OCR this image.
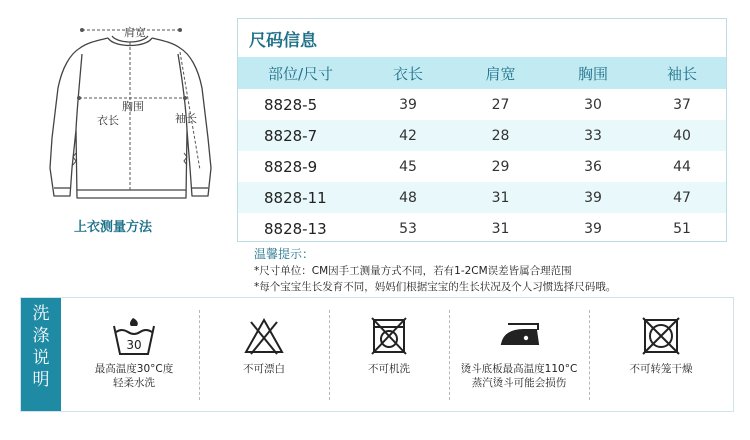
肩宽
胸围
衣长	袖长
上衣测量方法
尺码信息
部位/尺寸	衣长	肩宽	胸围	袖长
8828-5	39	27	30	37
8828-7	42	28	33	40
8828-9	45	29	36	44
8828-11	48	31	39	47
8828-13	53	31	39	51
温馨提示：
*尺寸单位：CM因手工测量方式不同，若有1-2CM误差皆属合理范围
*每个宝宝生长发育不同，妈妈们根据宝宝的生长状况及个人习惯选择尺码哦。
洗
涤
说
明
30
最高温度30°C度
轻柔水洗
不可漂白	不可机洗	烫斗底板最高温度110°C
蒸汽烫斗可能会损伤
不可转笼干燥
